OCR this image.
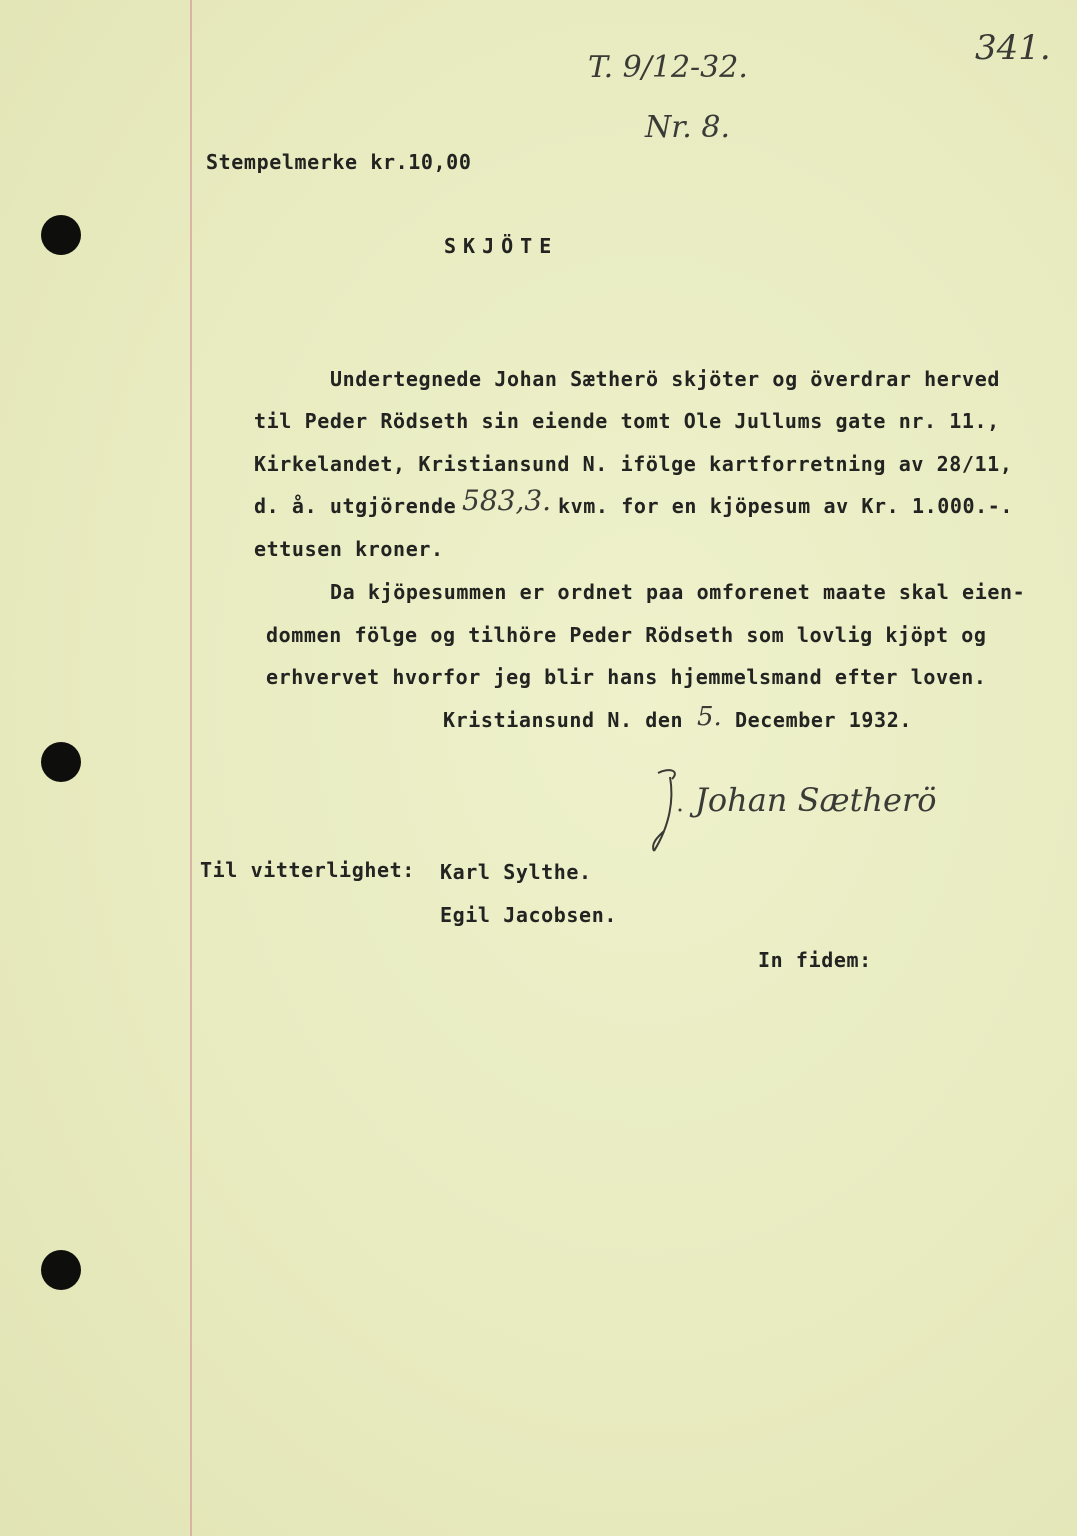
341.
T. 9/12-32.
Nr. 8.
Stempelmerke kr.10,00
SKJÖTE
Undertegnede Johan Sætherö skjöter og överdrar herved
til Peder Rödseth sin eiende tomt Ole Jullums gate nr. 11.,
Kirkelandet, Kristiansund N. ifölge kartforretning av 28/11,
d. å. utgjörende 583,3. kvm. for en kjöpesum av Kr. 1.000.-.
ettusen kroner.
Da kjöpesummen er ordnet paa omforenet maate skal eien-
dommen fölge og tilhöre Peder Rödseth som lovlig kjöpt og
erhvervet hvorfor jeg blir hans hjemmelsmand efter loven.
Kristiansund N. den 5. December 1932.
Johan Sætherö
Til vitterlighet: Karl Sylthe.
Egil Jacobsen.
In fidem:
